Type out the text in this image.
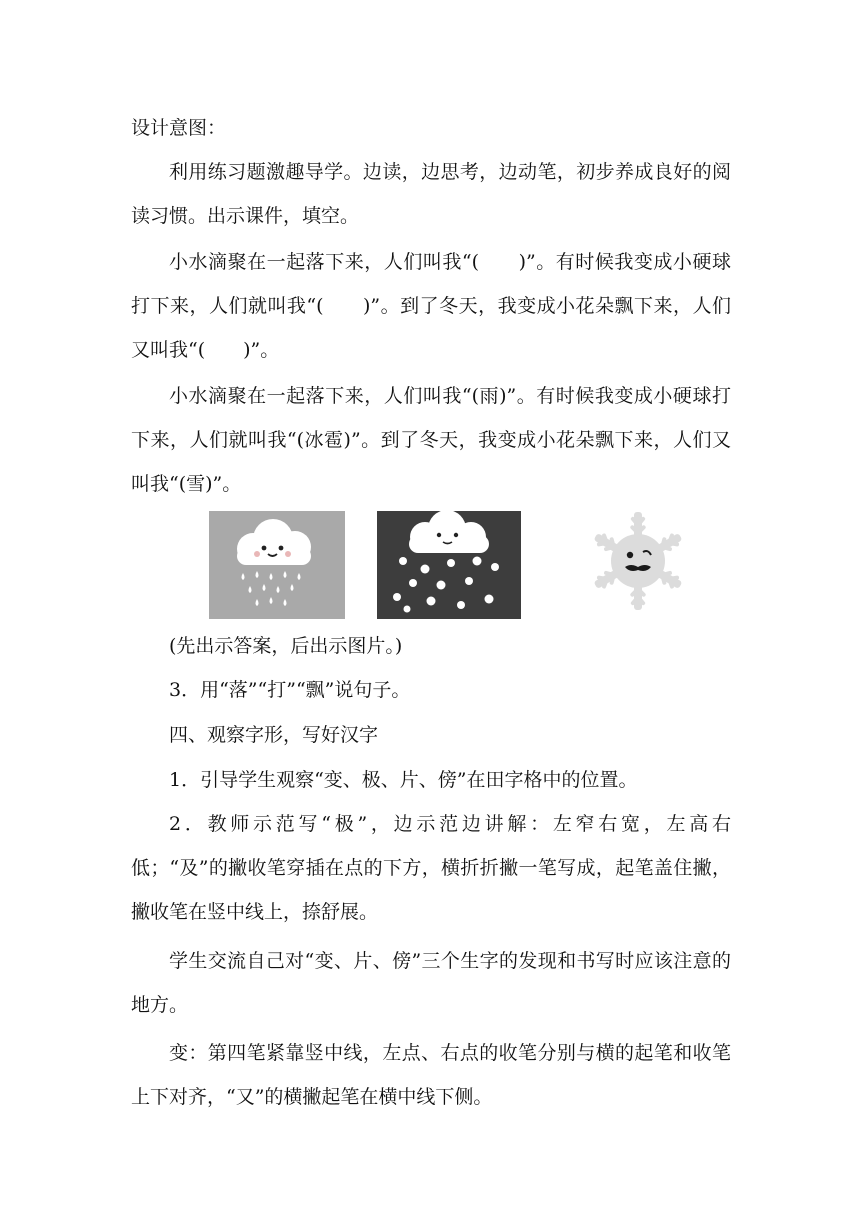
设计意图：
利用练习题激趣导学。边读，边思考，边动笔，初步养成良好的阅读习惯。出示课件，填空。
小水滴聚在一起落下来，人们叫我“(　　)”。有时候我变成小硬球打下来，人们就叫我“(　　)”。到了冬天，我变成小花朵飘下来，人们又叫我“(　　)”。
小水滴聚在一起落下来，人们叫我“(雨)”。有时候我变成小硬球打下来，人们就叫我“(冰雹)”。到了冬天，我变成小花朵飘下来，人们又叫我“(雪)”。
(先出示答案，后出示图片。)
3．用“落”“打”“飘”说句子。
四、观察字形，写好汉字
1．引导学生观察“变、极、片、傍”在田字格中的位置。
2．教师示范写“极”，边示范边讲解：左窄右宽，左高右低；“及”的撇收笔穿插在点的下方，横折折撇一笔写成，起笔盖住撇，撇收笔在竖中线上，捺舒展。
学生交流自己对“变、片、傍”三个生字的发现和书写时应该注意的地方。
变：第四笔紧靠竖中线，左点、右点的收笔分别与横的起笔和收笔上下对齐，“又”的横撇起笔在横中线下侧。
